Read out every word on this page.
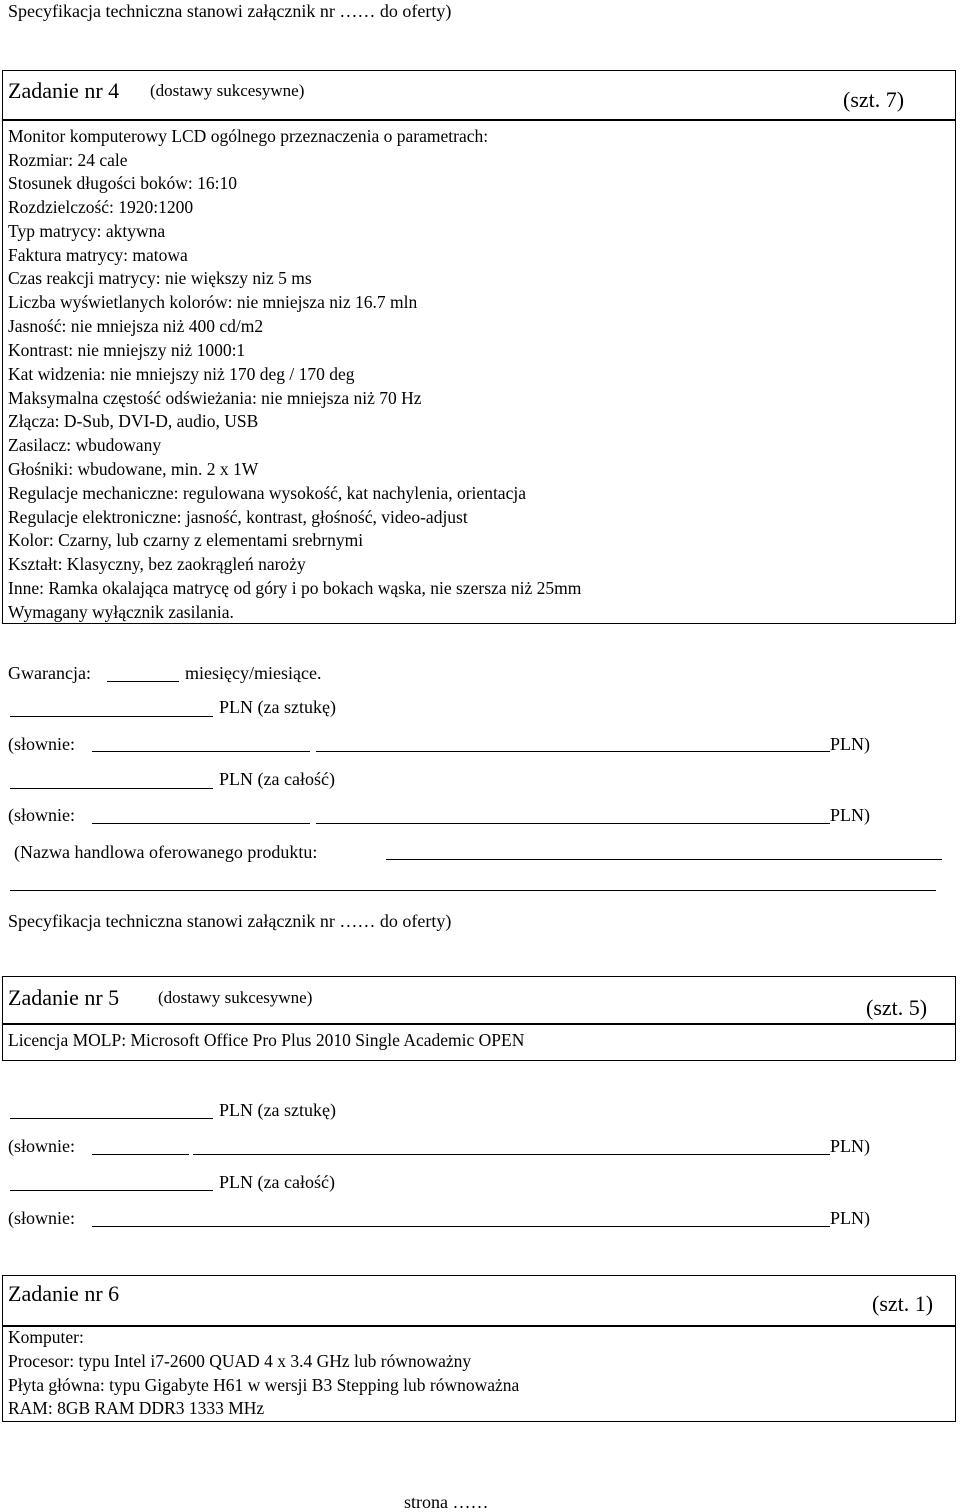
Specyfikacja techniczna stanowi załącznik nr …… do oferty)
Zadanie nr 4 (dostawy sukcesywne)	(szt. 7)
Monitor komputerowy LCD ogólnego przeznaczenia o parametrach:
Rozmiar: 24 cale
Stosunek długości boków: 16:10
Rozdzielczość: 1920:1200
Typ matrycy: aktywna
Faktura matrycy: matowa
Czas reakcji matrycy: nie większy niz 5 ms
Liczba wyświetlanych kolorów: nie mniejsza niz 16.7 mln
Jasność: nie mniejsza niż 400 cd/m2
Kontrast: nie mniejszy niż 1000:1
Kat widzenia: nie mniejszy niż 170 deg / 170 deg
Maksymalna częstość odświeżania: nie mniejsza niż 70 Hz
Złącza: D-Sub, DVI-D, audio, USB
Zasilacz: wbudowany
Głośniki: wbudowane, min. 2 x 1W
Regulacje mechaniczne: regulowana wysokość, kat nachylenia, orientacja
Regulacje elektroniczne: jasność, kontrast, głośność, video-adjust
Kolor: Czarny, lub czarny z elementami srebrnymi
Kształt: Klasyczny, bez zaokrągleń naroży
Inne: Ramka okalająca matrycę od góry i po bokach wąska, nie szersza niż 25mm
Wymagany wyłącznik zasilania.
Gwarancja:	miesięcy/miesiące.
PLN (za sztukę)
(słownie:	PLN)
PLN (za całość)
(słownie:	PLN)
(Nazwa handlowa oferowanego produktu:
Specyfikacja techniczna stanowi załącznik nr …… do oferty)
Zadanie nr 5 (dostawy sukcesywne)	(szt. 5)
Licencja MOLP: Microsoft Office Pro Plus 2010 Single Academic OPEN
PLN (za sztukę)
(słownie:	PLN)
PLN (za całość)
(słownie:	PLN)
Zadanie nr 6	(szt. 1)
Komputer:
Procesor: typu Intel i7-2600 QUAD 4 x 3.4 GHz lub równoważny
Płyta główna: typu Gigabyte H61 w wersji B3 Stepping lub równoważna
RAM: 8GB RAM DDR3 1333 MHz
strona ……
